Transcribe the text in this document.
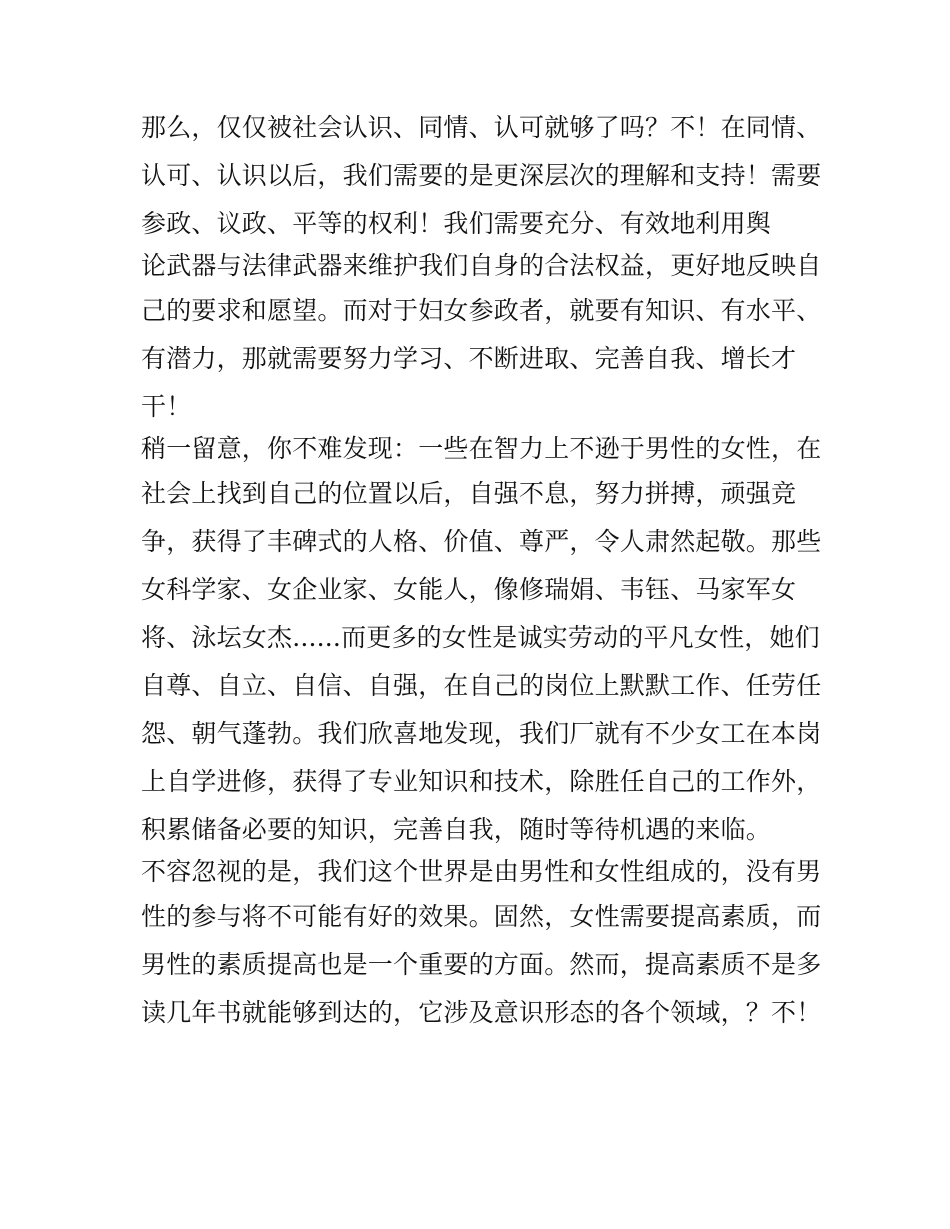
那么，仅仅被社会认识、同情、认可就够了吗？不！在同情、
认可、认识以后，我们需要的是更深层次的理解和支持！需要
参政、议政、平等的权利！我们需要充分、有效地利用舆
论武器与法律武器来维护我们自身的合法权益，更好地反映自
己的要求和愿望。而对于妇女参政者，就要有知识、有水平、
有潜力，那就需要努力学习、不断进取、完善自我、增长才
干！
稍一留意，你不难发现：一些在智力上不逊于男性的女性，在
社会上找到自己的位置以后，自强不息，努力拼搏，顽强竞
争，获得了丰碑式的人格、价值、尊严，令人肃然起敬。那些
女科学家、女企业家、女能人，像修瑞娟、韦钰、马家军女
将、泳坛女杰......而更多的女性是诚实劳动的平凡女性，她们
自尊、自立、自信、自强，在自己的岗位上默默工作、任劳任
怨、朝气蓬勃。我们欣喜地发现，我们厂就有不少女工在本岗
上自学进修，获得了专业知识和技术，除胜任自己的工作外，
积累储备必要的知识，完善自我，随时等待机遇的来临。
不容忽视的是，我们这个世界是由男性和女性组成的，没有男
性的参与将不可能有好的效果。固然，女性需要提高素质，而
男性的素质提高也是一个重要的方面。然而，提高素质不是多
读几年书就能够到达的，它涉及意识形态的各个领域，？不！
